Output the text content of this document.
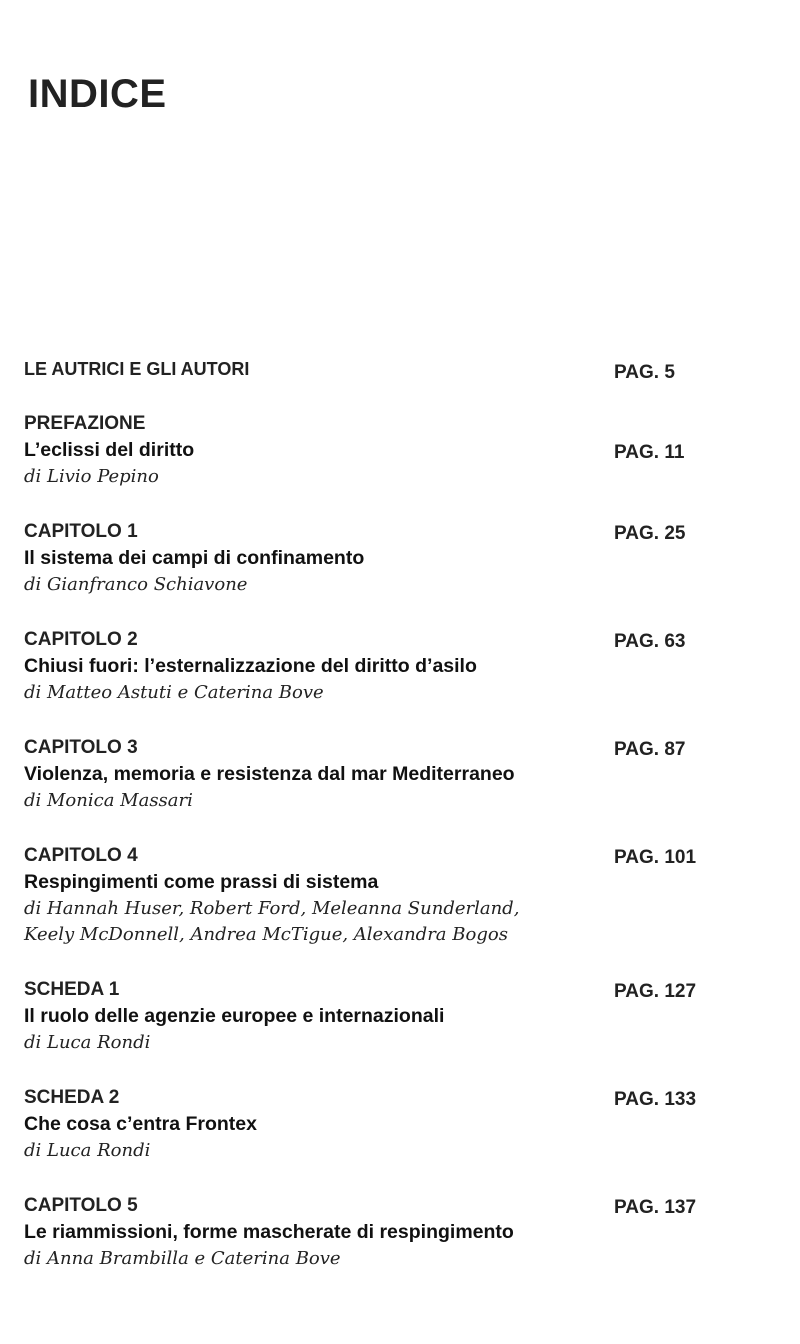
INDICE
LE AUTRICI E GLI AUTORI	PAG. 5
PREFAZIONE
L’eclissi del diritto
di Livio Pepino
PAG. 11
CAPITOLO 1
Il sistema dei campi di confinamento
di Gianfranco Schiavone
PAG. 25
CAPITOLO 2
Chiusi fuori: l’esternalizzazione del diritto d’asilo
di Matteo Astuti e Caterina Bove
PAG. 63
CAPITOLO 3
Violenza, memoria e resistenza dal mar Mediterraneo
di Monica Massari
PAG. 87
CAPITOLO 4
Respingimenti come prassi di sistema
di Hannah Huser, Robert Ford, Meleanna Sunderland,
Keely McDonnell, Andrea McTigue, Alexandra Bogos
PAG. 101
SCHEDA 1
Il ruolo delle agenzie europee e internazionali
di Luca Rondi
PAG. 127
SCHEDA 2
Che cosa c’entra Frontex
di Luca Rondi
PAG. 133
CAPITOLO 5
Le riammissioni, forme mascherate di respingimento
di Anna Brambilla e Caterina Bove
PAG. 137
